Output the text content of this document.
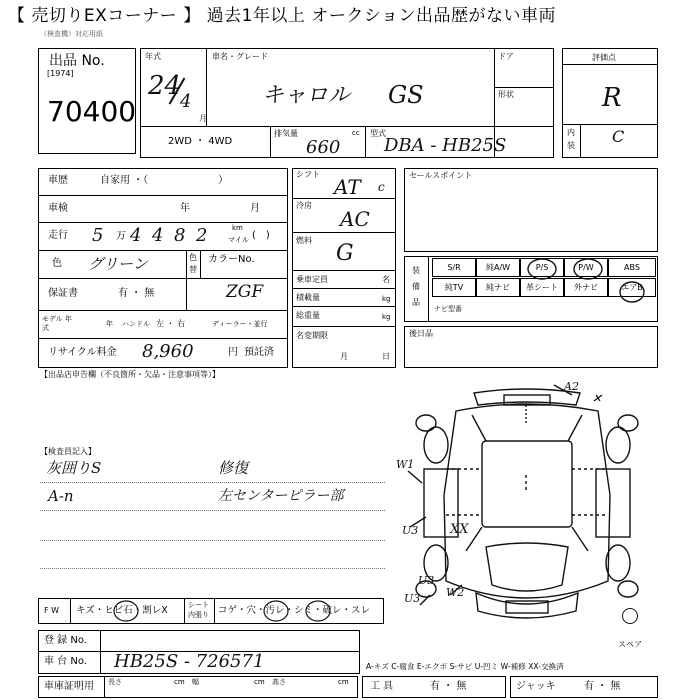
【 売切りEXコーナー 】 過去1年以上 オークション出品歴がない車両
（検査機）対応用紙
出品 No.
[1974]
70400
年式
24
4
月
車名・グレード
キャロル GS
ドア
形状
2WD ・ 4WD
排気量	cc
660
型式
DBA - HB25S
評価点
R
内
装 C
車歴	自家用 ・（　　　　　　　）
車検	年	月
走行 5 万 4 4 8 2	km
マイル (　)
色 グリーン	色
替
カラーNo.
ZGF
保証書	有 ・ 無
モデル 年式	年 ハンドル 左 ・ 右	ディーラー・並行
リサイクル料金 8,960	円 預託済
シフト
AT c
冷房
AC
燃料
G
乗車定員	名
積載量	kg
総重量	kg
名変期限
月	日
セールスポイント
装
備
品
S/R	純A/W	P/S	P/W	ABS
純TV	純ナビ	革シート	外ナビ	エアB
ナビ型番
後日品
【出品店申告欄（不良箇所・欠品・注意事項等）】
【検査員記入】
灰囲りS	修復
A-n	左センターピラー部
A2
W1
U3 XX
U3
U3 W2
スペア
A-キズ C-腐食 E-エクボ S-サビ U-凹ミ W-補修 XX-交換済
F W キズ・ヒビ石・割レX	シート
内張り コゲ・穴・汚レ・シミ・破レ・スレ
登 録 No.
車 台 No. HB25S - 726571
車庫証明用 長さ	cm 幅	cm 高さ	cm 工 具	有 ・ 無	ジャッキ	有 ・ 無
